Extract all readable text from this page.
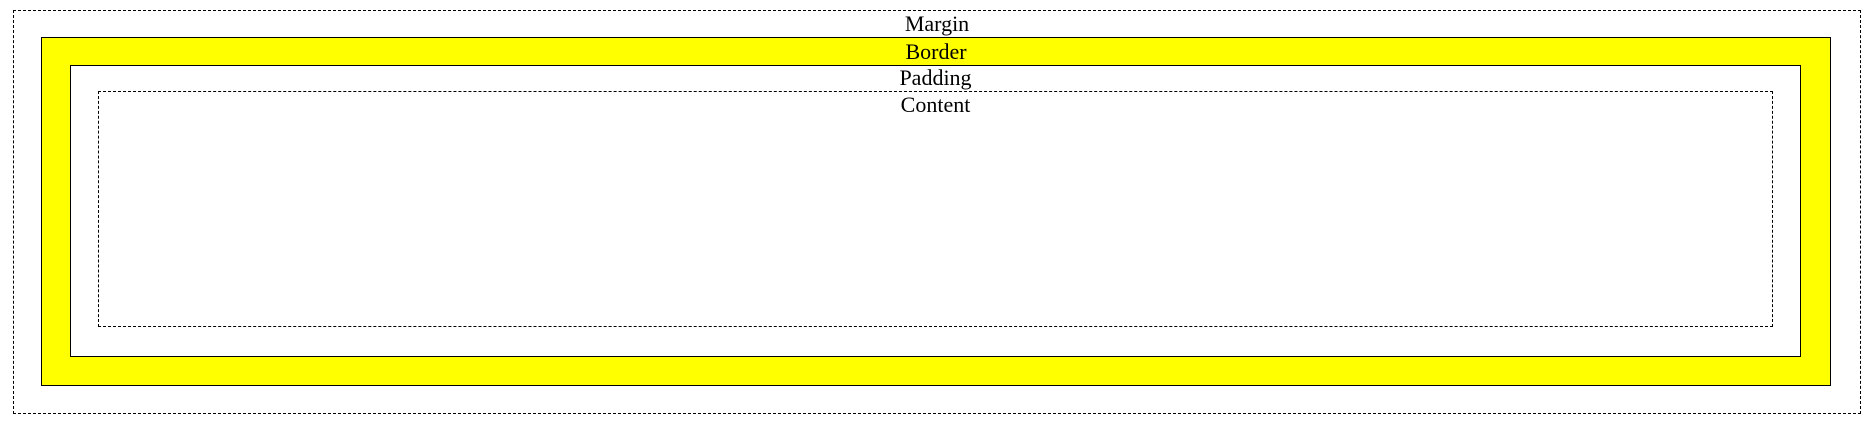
Margin
Border
Padding
Content
